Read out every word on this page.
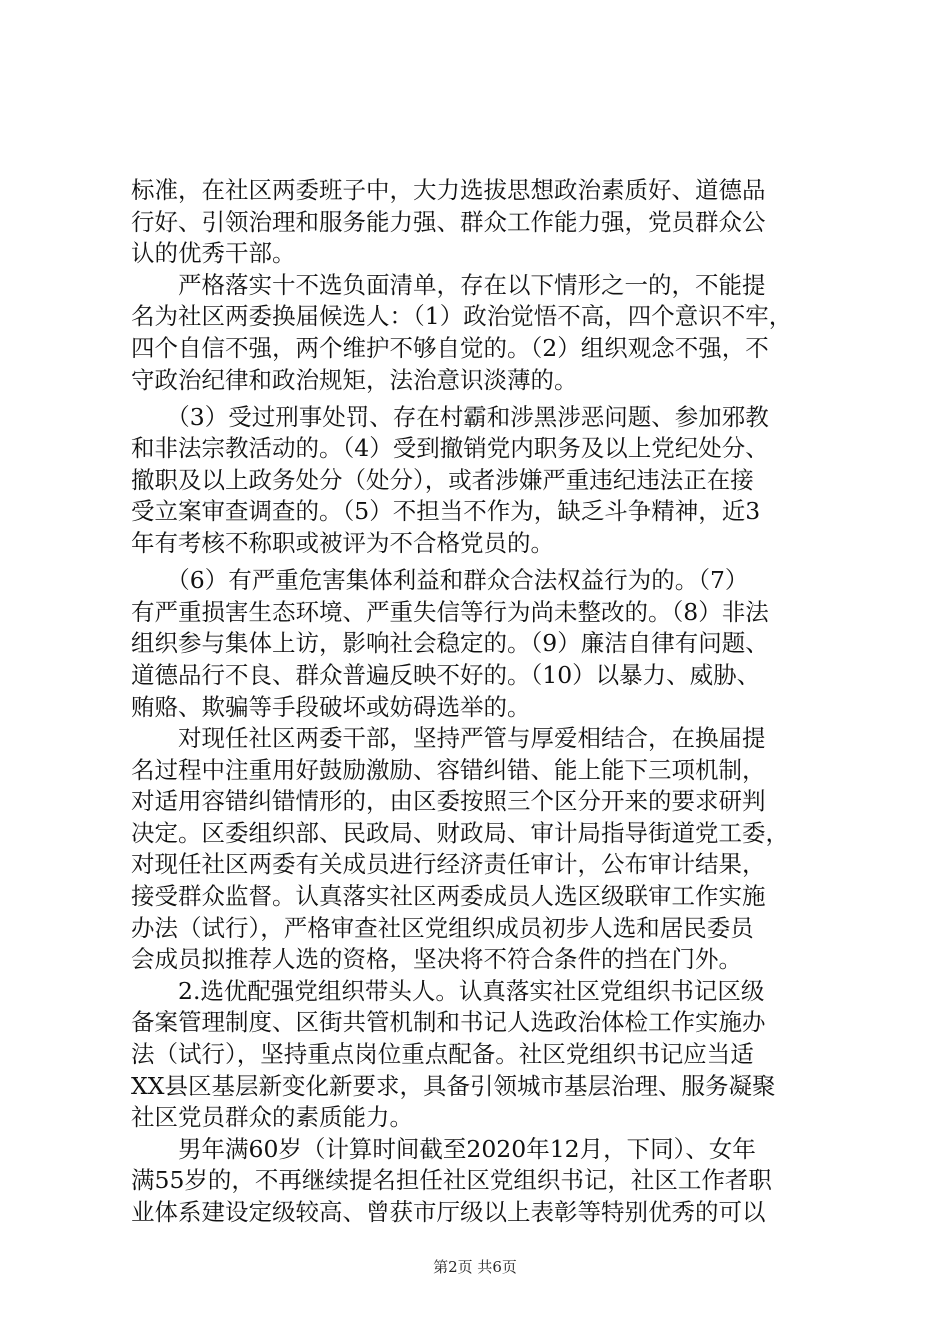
标准，在社区两委班子中，大力选拔思想政治素质好、道德品
行好、引领治理和服务能力强、群众工作能力强，党员群众公
认的优秀干部。
　　严格落实十不选负面清单，存在以下情形之一的，不能提
名为社区两委换届候选人：（1）政治觉悟不高，四个意识不牢，
四个自信不强，两个维护不够自觉的。（2）组织观念不强，不
守政治纪律和政治规矩，法治意识淡薄的。
　　（3）受过刑事处罚、存在村霸和涉黑涉恶问题、参加邪教
和非法宗教活动的。（4）受到撤销党内职务及以上党纪处分、
撤职及以上政务处分（处分），或者涉嫌严重违纪违法正在接
受立案审查调查的。（5）不担当不作为，缺乏斗争精神，近3
年有考核不称职或被评为不合格党员的。
　　（6）有严重危害集体利益和群众合法权益行为的。（7）
有严重损害生态环境、严重失信等行为尚未整改的。（8）非法
组织参与集体上访，影响社会稳定的。（9）廉洁自律有问题、
道德品行不良、群众普遍反映不好的。（10）以暴力、威胁、
贿赂、欺骗等手段破坏或妨碍选举的。
　　对现任社区两委干部，坚持严管与厚爱相结合，在换届提
名过程中注重用好鼓励激励、容错纠错、能上能下三项机制，
对适用容错纠错情形的，由区委按照三个区分开来的要求研判
决定。区委组织部、民政局、财政局、审计局指导街道党工委，
对现任社区两委有关成员进行经济责任审计，公布审计结果，
接受群众监督。认真落实社区两委成员人选区级联审工作实施
办法（试行），严格审查社区党组织成员初步人选和居民委员
会成员拟推荐人选的资格，坚决将不符合条件的挡在门外。
　　2.选优配强党组织带头人。认真落实社区党组织书记区级
备案管理制度、区街共管机制和书记人选政治体检工作实施办
法（试行），坚持重点岗位重点配备。社区党组织书记应当适
XX县区基层新变化新要求，具备引领城市基层治理、服务凝聚
社区党员群众的素质能力。
　　男年满60岁（计算时间截至2020年12月，下同）、女年
满55岁的，不再继续提名担任社区党组织书记，社区工作者职
业体系建设定级较高、曾获市厅级以上表彰等特别优秀的可以
第2页 共6页
